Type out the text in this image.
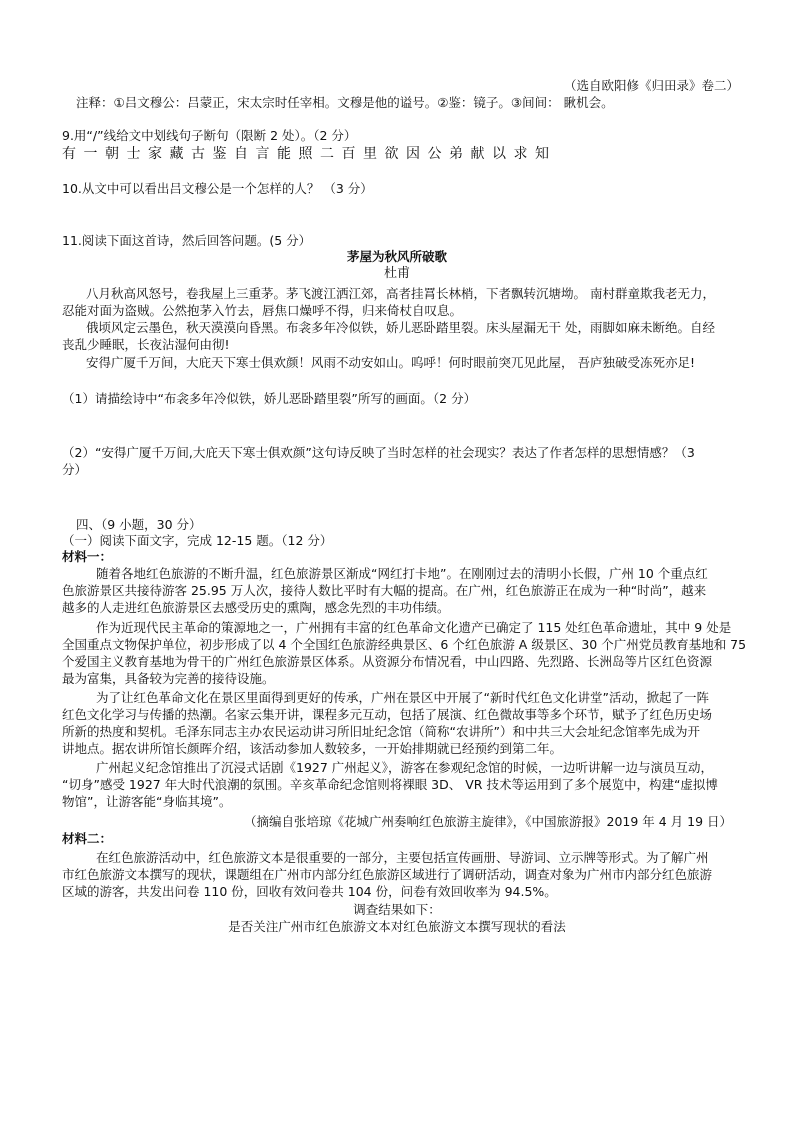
（选自欧阳修《归田录》卷二）
注释：①吕文穆公：吕蒙正，宋太宗时任宰相。文穆是他的谥号。②鉴：镜子。③间间： 瞅机会。
9.用“/”线给文中划线句子断句（限断 2 处）。（2 分）
有一朝士家藏古鉴自言能照二百里欲因公弟献以求知
10.从文中可以看出吕文穆公是一个怎样的人？ （3 分）
11.阅读下面这首诗，然后回答问题。(5 分）
茅屋为秋风所破歌
杜甫
八月秋高风怒号，卷我屋上三重茅。茅飞渡江洒江郊，高者挂罥长林梢，下者飘转沉塘坳。 南村群童欺我老无力，
忍能对面为盗贼。公然抱茅入竹去，唇焦口燥呼不得，归来倚杖自叹息。
俄顷风定云墨色，秋天漠漠向昏黑。布衾多年冷似铁，娇儿恶卧踏里裂。床头屋漏无干 处，雨脚如麻未断绝。自经
丧乱少睡眠，长夜沾湿何由彻!
安得广厦千万间，大庇天下寒士俱欢颜！风雨不动安如山。呜呼！何时眼前突兀见此屋， 吾庐独破受冻死亦足!
（1）请描绘诗中“布衾多年冷似铁，娇儿恶卧踏里裂”所写的画面。（2 分）
（2）“安得广厦千万间,大庇天下寒士俱欢颜”这句诗反映了当时怎样的社会现实？表达了作者怎样的思想情感？（3
分）
四、（9 小题，30 分）
（一）阅读下面文字，完成 12-15 题。（12 分）
材料一：
随着各地红色旅游的不断升温，红色旅游景区渐成“网红打卡地”。在刚刚过去的清明小长假，广州 10 个重点红
色旅游景区共接待游客 25.95 万人次，接待人数比平时有大幅的提高。在广州，红色旅游正在成为一种“时尚”，越来
越多的人走进红色旅游景区去感受历史的熏陶，感念先烈的丰功伟绩。
作为近现代民主革命的策源地之一，广州拥有丰富的红色革命文化遗产已确定了 115 处红色革命遗址，其中 9 处是
全国重点文物保护单位，初步形成了以 4 个全国红色旅游经典景区、6 个红色旅游 A 级景区、30 个广州党员教育基地和 75
个爱国主义教育基地为骨干的广州红色旅游景区体系。从资源分布情况看，中山四路、先烈路、长洲岛等片区红色资源
最为富集，具备较为完善的接待设施。
为了让红色革命文化在景区里面得到更好的传承，广州在景区中开展了“新时代红色文化讲堂”活动，掀起了一阵
红色文化学习与传播的热潮。名家云集开讲，课程多元互动，包括了展演、红色微故事等多个环节，赋予了红色历史场
所新的热度和契机。毛泽东同志主办农民运动讲习所旧址纪念馆（简称“农讲所”）和中共三大会址纪念馆率先成为开
讲地点。据农讲所馆长颜晖介绍，该活动参加人数较多，一开始排期就已经预约到第二年。
广州起义纪念馆推出了沉浸式话剧《1927 广州起义》，游客在参观纪念馆的时候，一边听讲解一边与演员互动，
“切身”感受 1927 年大时代浪潮的氛围。辛亥革命纪念馆则将裸眼 3D、 VR 技术等运用到了多个展览中，构建“虚拟博
物馆”，让游客能“身临其境”。
（摘编自张培琼《花城广州奏响红色旅游主旋律》，《中国旅游报》2019 年 4 月 19 日）
材料二：
在红色旅游活动中，红色旅游文本是很重要的一部分，主要包括宣传画册、导游词、立示牌等形式。为了解广州
市红色旅游文本撰写的现状，课题组在广州市内部分红色旅游区域进行了调研活动，调查对象为广州市内部分红色旅游
区域的游客，共发出问卷 110 份，回收有效问卷共 104 份，问卷有效回收率为 94.5%。
调查结果如下：
是否关注广州市红色旅游文本对红色旅游文本撰写现状的看法
